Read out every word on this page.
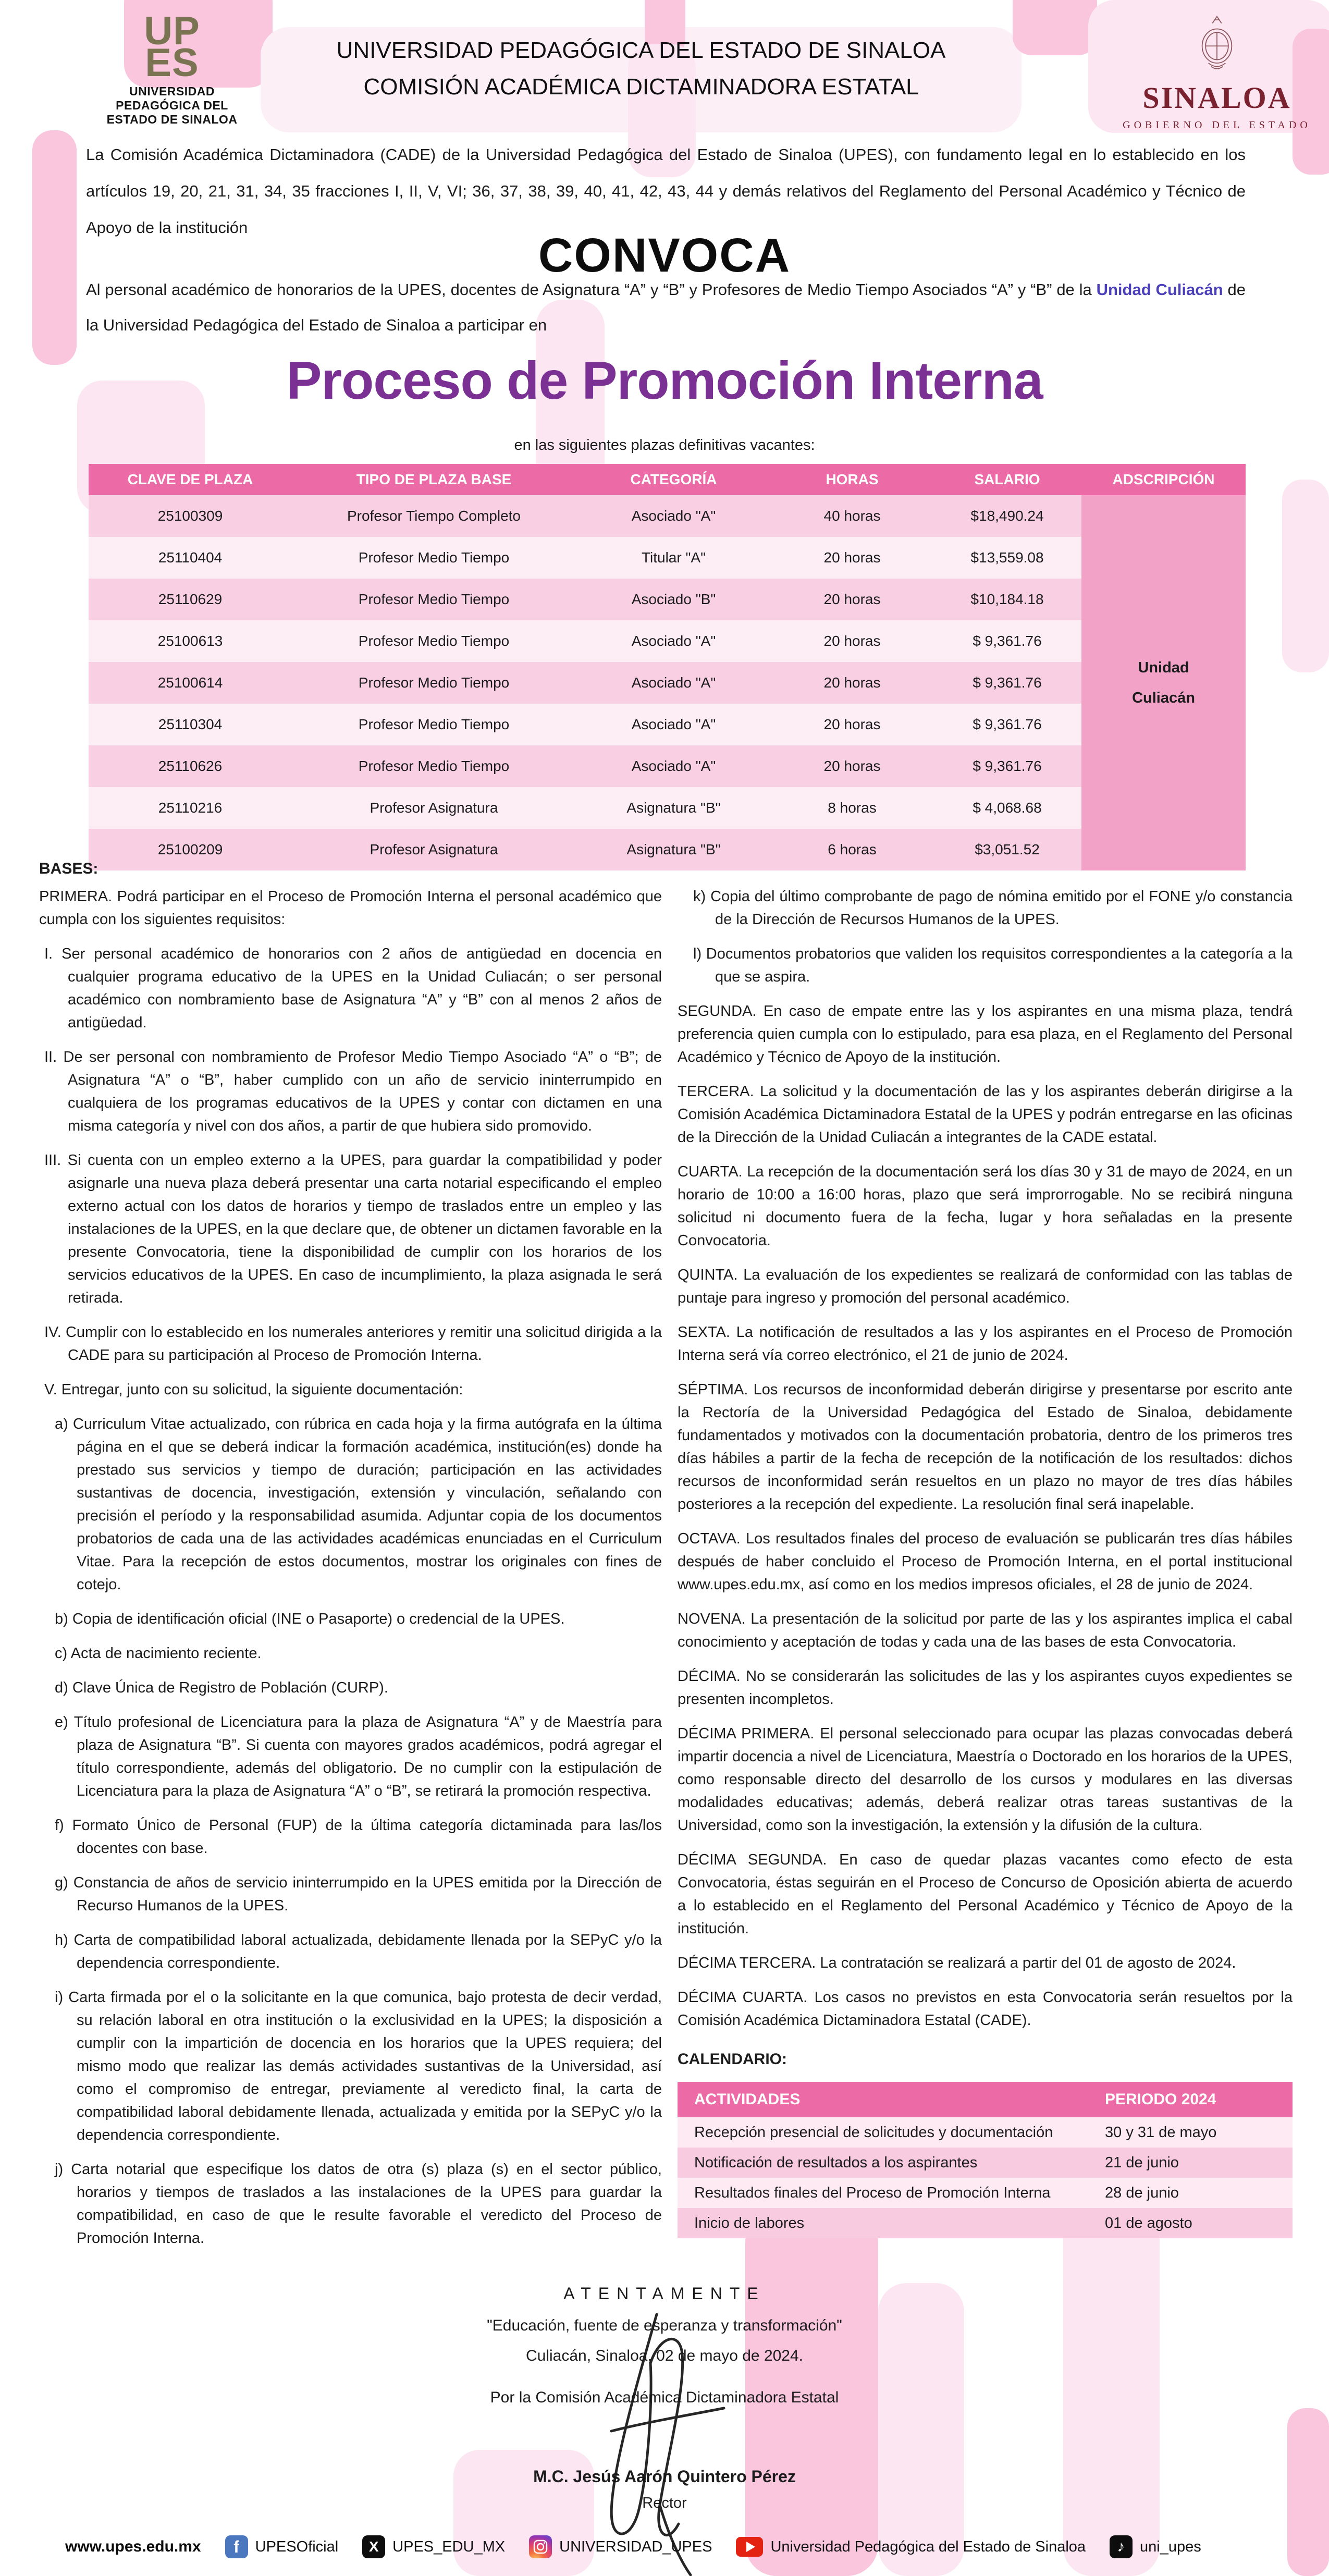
UP
ES
UNIVERSIDAD
PEDAGÓGICA DEL
ESTADO DE SINALOA
UNIVERSIDAD PEDAGÓGICA DEL ESTADO DE SINALOA
COMISIÓN ACADÉMICA DICTAMINADORA ESTATAL	SINALOA
GOBIERNO DEL ESTADO
La Comisión Académica Dictaminadora (CADE) de la Universidad Pedagógica del Estado de Sinaloa (UPES), con fundamento legal en lo establecido en los artículos 19, 20, 21, 31, 34, 35 fracciones I, II, V, VI; 36, 37, 38, 39, 40, 41, 42, 43, 44 y demás relativos del Reglamento del Personal Académico y Técnico de Apoyo de la institución
CONVOCA
Al personal académico de honorarios de la UPES, docentes de Asignatura “A” y “B” y Profesores de Medio Tiempo Asociados “A” y “B” de la Unidad Culiacán de la Universidad Pedagógica del Estado de Sinaloa a participar en
Proceso de Promoción Interna
en las siguientes plazas definitivas vacantes:
CLAVE DE PLAZA	TIPO DE PLAZA BASE	CATEGORÍA	HORAS	SALARIO
25100309	Profesor Tiempo Completo	Asociado "A"	40 horas	$18,490.24
25110404	Profesor Medio Tiempo	Titular "A"	20 horas	$13,559.08
25110629	Profesor Medio Tiempo	Asociado "B"	20 horas	$10,184.18
25100613	Profesor Medio Tiempo	Asociado "A"	20 horas	$ 9,361.76
25100614	Profesor Medio Tiempo	Asociado "A"	20 horas	$ 9,361.76
25110304	Profesor Medio Tiempo	Asociado "A"	20 horas	$ 9,361.76
25110626	Profesor Medio Tiempo	Asociado "A"	20 horas	$ 9,361.76
25110216	Profesor Asignatura	Asignatura "B"	8 horas	$ 4,068.68
25100209	Profesor Asignatura	Asignatura "B"	6 horas	$3,051.52
ADSCRIPCIÓN
Unidad Culiacán
BASES:

PRIMERA. Podrá participar en el Proceso de Promoción Interna el personal académico que cumpla con los siguientes requisitos:

I. Ser personal académico de honorarios con 2 años de antigüedad en docencia en cualquier programa educativo de la UPES en la Unidad Culiacán; o ser personal académico con nombramiento base de Asignatura “A” y “B” con al menos 2 años de antigüedad.

II. De ser personal con nombramiento de Profesor Medio Tiempo Asociado “A” o “B”; de Asignatura “A” o “B”, haber cumplido con un año de servicio ininterrumpido en cualquiera de los programas educativos de la UPES y contar con dictamen en una misma categoría y nivel con dos años, a partir de que hubiera sido promovido.

III. Si cuenta con un empleo externo a la UPES, para guardar la compatibilidad y poder asignarle una nueva plaza deberá presentar una carta notarial especificando el empleo externo actual con los datos de horarios y tiempo de traslados entre un empleo y las instalaciones de la UPES, en la que declare que, de obtener un dictamen favorable en la presente Convocatoria, tiene la disponibilidad de cumplir con los horarios de los servicios educativos de la UPES. En caso de incumplimiento, la plaza asignada le será retirada.

IV. Cumplir con lo establecido en los numerales anteriores y remitir una solicitud dirigida a la CADE para su participación al Proceso de Promoción Interna.

V. Entregar, junto con su solicitud, la siguiente documentación:

a) Curriculum Vitae actualizado, con rúbrica en cada hoja y la firma autógrafa en la última página en el que se deberá indicar la formación académica, institución(es) donde ha prestado sus servicios y tiempo de duración; participación en las actividades sustantivas de docencia, investigación, extensión y vinculación, señalando con precisión el período y la responsabilidad asumida. Adjuntar copia de los documentos probatorios de cada una de las actividades académicas enunciadas en el Curriculum Vitae. Para la recepción de estos documentos, mostrar los originales con fines de cotejo.

b) Copia de identificación oficial (INE o Pasaporte) o credencial de la UPES.

c) Acta de nacimiento reciente.

d) Clave Única de Registro de Población (CURP).

e) Título profesional de Licenciatura para la plaza de Asignatura “A” y de Maestría para plaza de Asignatura “B”. Si cuenta con mayores grados académicos, podrá agregar el título correspondiente, además del obligatorio. De no cumplir con la estipulación de Licenciatura para la plaza de Asignatura “A” o “B”, se retirará la promoción respectiva.

f) Formato Único de Personal (FUP) de la última categoría dictaminada para las/los docentes con base.

g) Constancia de años de servicio ininterrumpido en la UPES emitida por la Dirección de Recurso Humanos de la UPES.

h) Carta de compatibilidad laboral actualizada, debidamente llenada por la SEPyC y/o la dependencia correspondiente.

i) Carta firmada por el o la solicitante en la que comunica, bajo protesta de decir verdad, su relación laboral en otra institución o la exclusividad en la UPES; la disposición a cumplir con la impartición de docencia en los horarios que la UPES requiera; del mismo modo que realizar las demás actividades sustantivas de la Universidad, así como el compromiso de entregar, previamente al veredicto final, la carta de compatibilidad laboral debidamente llenada, actualizada y emitida por la SEPyC y/o la dependencia correspondiente.

j) Carta notarial que especifique los datos de otra (s) plaza (s) en el sector público, horarios y tiempos de traslados a las instalaciones de la UPES para guardar la compatibilidad, en caso de que le resulte favorable el veredicto del Proceso de Promoción Interna.

k) Copia del último comprobante de pago de nómina emitido por el FONE y/o constancia de la Dirección de Recursos Humanos de la UPES.

l) Documentos probatorios que validen los requisitos correspondientes a la categoría a la que se aspira.

SEGUNDA. En caso de empate entre las y los aspirantes en una misma plaza, tendrá preferencia quien cumpla con lo estipulado, para esa plaza, en el Reglamento del Personal Académico y Técnico de Apoyo de la institución.

TERCERA. La solicitud y la documentación de las y los aspirantes deberán dirigirse a la Comisión Académica Dictaminadora Estatal de la UPES y podrán entregarse en las oficinas de la Dirección de la Unidad Culiacán a integrantes de la CADE estatal.

CUARTA. La recepción de la documentación será los días 30 y 31 de mayo de 2024, en un horario de 10:00 a 16:00 horas, plazo que será improrrogable. No se recibirá ninguna solicitud ni documento fuera de la fecha, lugar y hora señaladas en la presente Convocatoria.

QUINTA. La evaluación de los expedientes se realizará de conformidad con las tablas de puntaje para ingreso y promoción del personal académico.

SEXTA. La notificación de resultados a las y los aspirantes en el Proceso de Promoción Interna será vía correo electrónico, el 21 de junio de 2024.

SÉPTIMA. Los recursos de inconformidad deberán dirigirse y presentarse por escrito ante la Rectoría de la Universidad Pedagógica del Estado de Sinaloa, debidamente fundamentados y motivados con la documentación probatoria, dentro de los primeros tres días hábiles a partir de la fecha de recepción de la notificación de los resultados: dichos recursos de inconformidad serán resueltos en un plazo no mayor de tres días hábiles posteriores a la recepción del expediente. La resolución final será inapelable.

OCTAVA. Los resultados finales del proceso de evaluación se publicarán tres días hábiles después de haber concluido el Proceso de Promoción Interna, en el portal institucional www.upes.edu.mx, así como en los medios impresos oficiales, el 28 de junio de 2024.

NOVENA. La presentación de la solicitud por parte de las y los aspirantes implica el cabal conocimiento y aceptación de todas y cada una de las bases de esta Convocatoria.

DÉCIMA. No se considerarán las solicitudes de las y los aspirantes cuyos expedientes se presenten incompletos.

DÉCIMA PRIMERA. El personal seleccionado para ocupar las plazas convocadas deberá impartir docencia a nivel de Licenciatura, Maestría o Doctorado en los horarios de la UPES, como responsable directo del desarrollo de los cursos y modulares en las diversas modalidades educativas; además, deberá realizar otras tareas sustantivas de la Universidad, como son la investigación, la extensión y la difusión de la cultura.

DÉCIMA SEGUNDA. En caso de quedar plazas vacantes como efecto de esta Convocatoria, éstas seguirán en el Proceso de Concurso de Oposición abierta de acuerdo a lo establecido en el Reglamento del Personal Académico y Técnico de Apoyo de la institución.

DÉCIMA TERCERA. La contratación se realizará a partir del 01 de agosto de 2024.

DÉCIMA CUARTA. Los casos no previstos en esta Convocatoria serán resueltos por la Comisión Académica Dictaminadora Estatal (CADE).

CALENDARIO:
ACTIVIDADES	PERIODO 2024
Recepción presencial de solicitudes y documentación	30 y 31 de mayo
Notificación de resultados a los aspirantes	21 de junio
Resultados finales del Proceso de Promoción Interna	28 de junio
Inicio de labores	01 de agosto
ATENTAMENTE
"Educación, fuente de esperanza y transformación"
Culiacán, Sinaloa, 02 de mayo de 2024.
Por la Comisión Académica Dictaminadora Estatal
M.C. Jesús Aarón Quintero Pérez
Rector
www.upes.edu.mx	f	UPESOficial	X UPES_EDU_MX	UNIVERSIDAD_UPES	Universidad Pedagógica del Estado de Sinaloa	♪ uni_upes
